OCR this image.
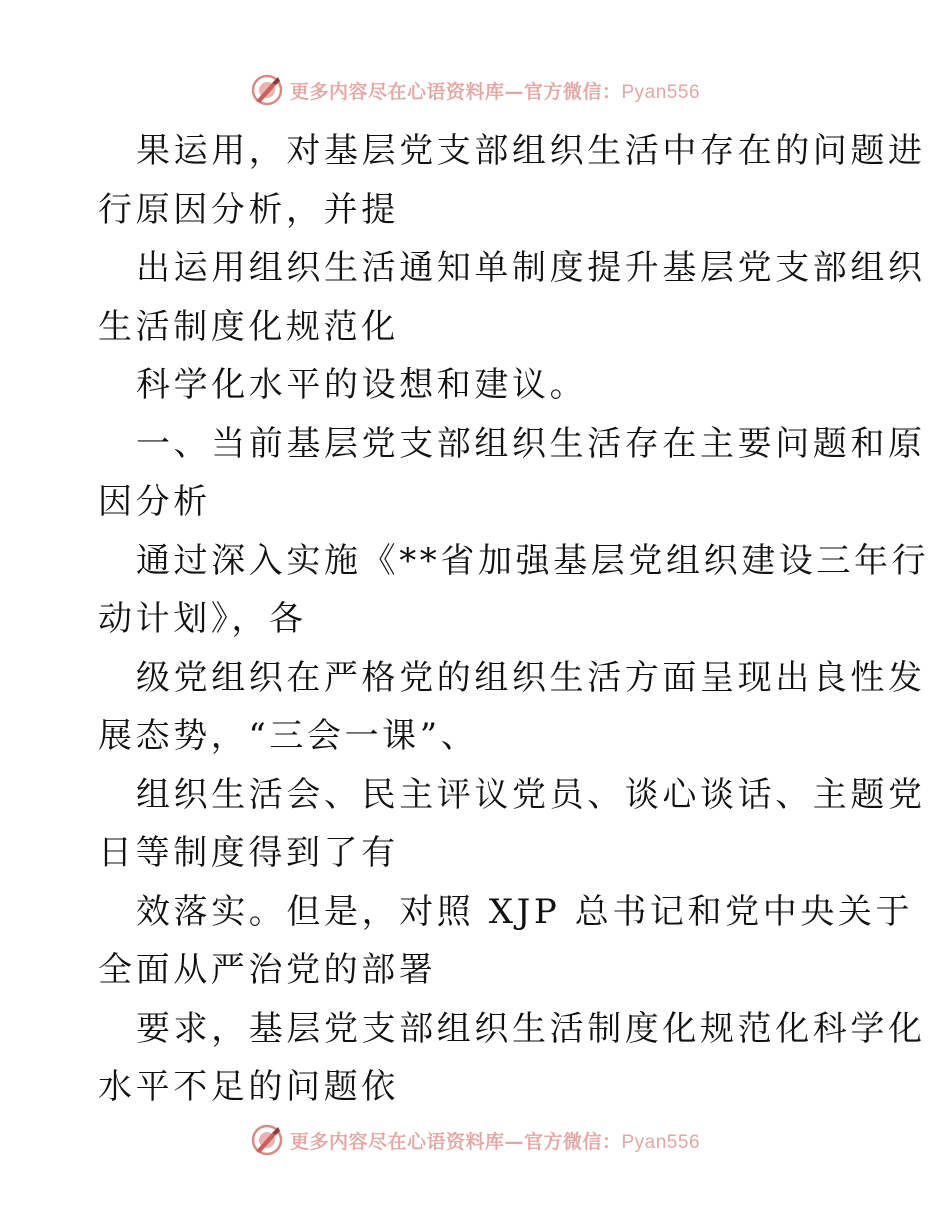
更多内容尽在心语资料库—官方微信：Pyan556
果运用，对基层党支部组织生活中存在的问题进
行原因分析，并提
出运用组织生活通知单制度提升基层党支部组织
生活制度化规范化
科学化水平的设想和建议。
一、当前基层党支部组织生活存在主要问题和原
因分析
通过深入实施《**省加强基层党组织建设三年行
动计划》，各
级党组织在严格党的组织生活方面呈现出良性发
展态势，“三会一课”、
组织生活会、民主评议党员、谈心谈话、主题党
日等制度得到了有
效落实。但是，对照 XJP 总书记和党中央关于
全面从严治党的部署
要求，基层党支部组织生活制度化规范化科学化
水平不足的问题依
更多内容尽在心语资料库—官方微信：Pyan556
